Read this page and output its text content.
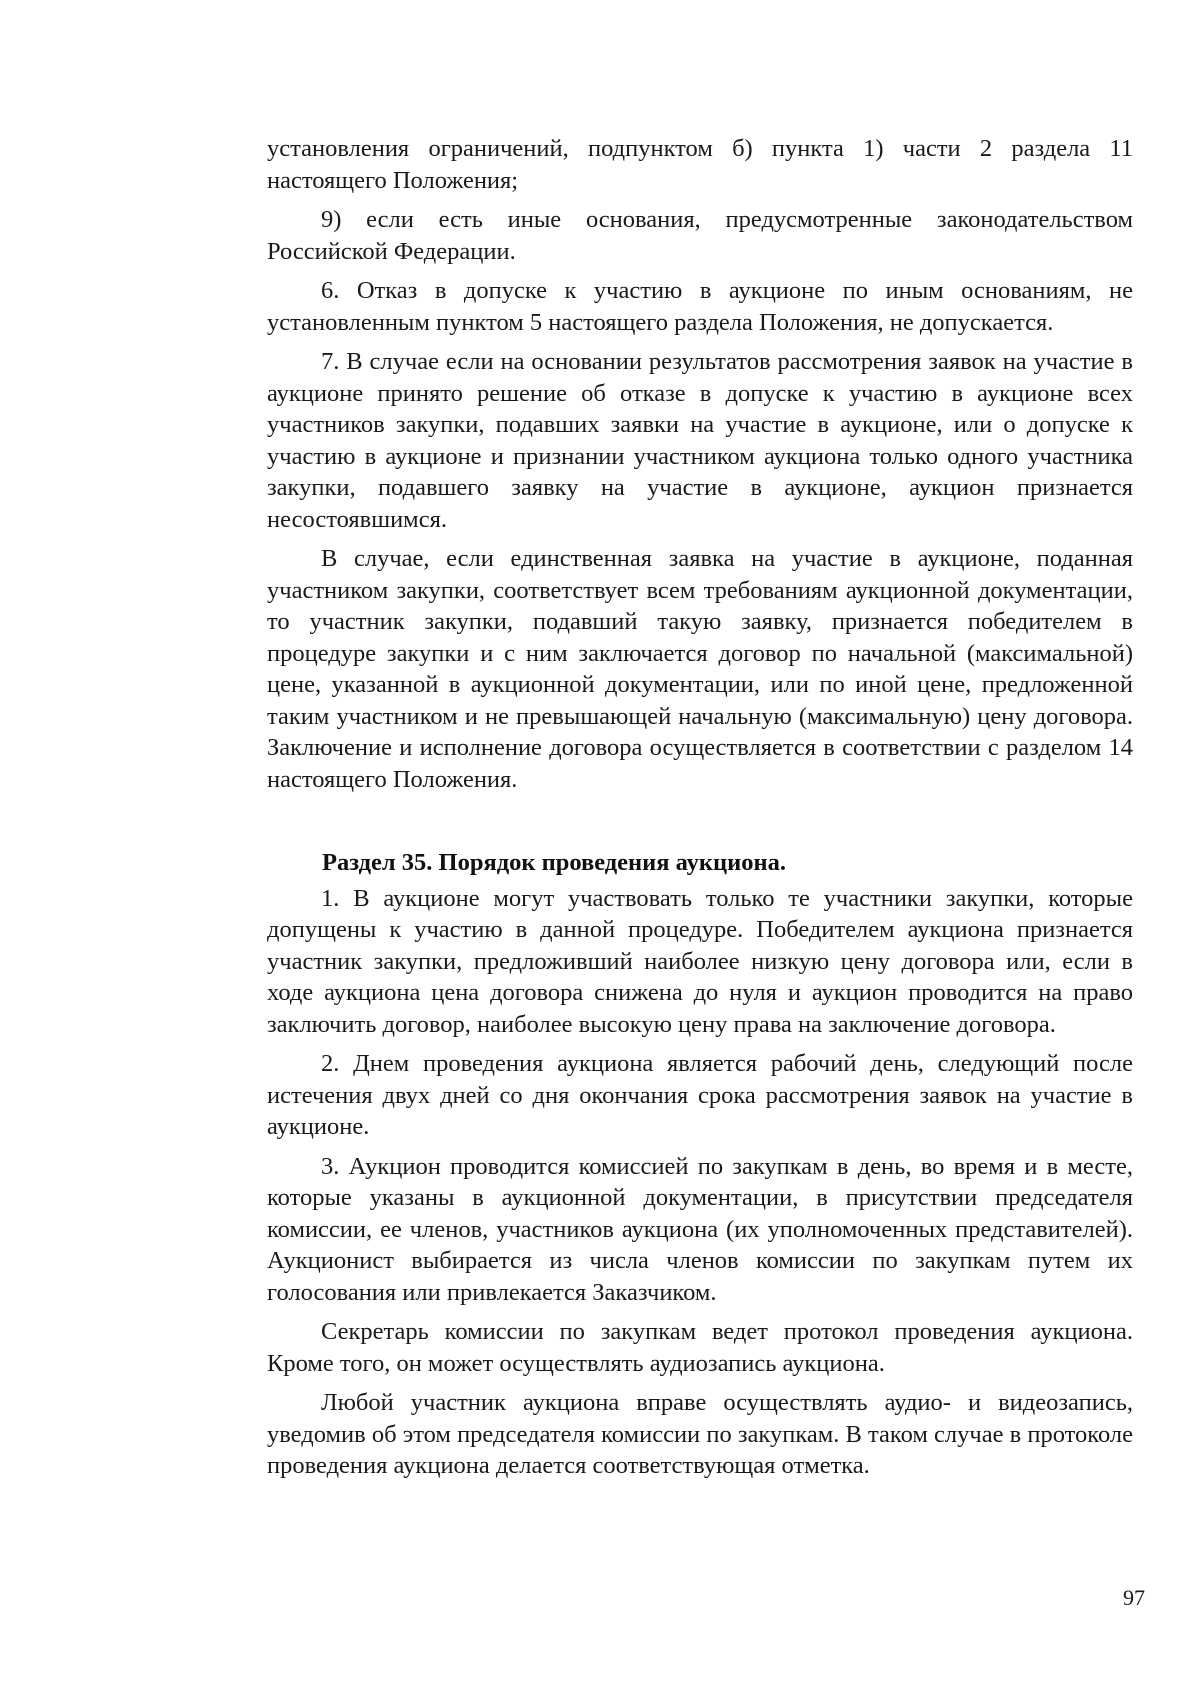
установления ограничений, подпунктом б) пункта 1) части 2 раздела 11 настоящего Положения;

9) если есть иные основания, предусмотренные законодательством Российской Федерации.

6. Отказ в допуске к участию в аукционе по иным основаниям, не установленным пунктом 5 настоящего раздела Положения, не допускается.

7. В случае если на основании результатов рассмотрения заявок на участие в аукционе принято решение об отказе в допуске к участию в аукционе всех участников закупки, подавших заявки на участие в аукционе, или о допуске к участию в аукционе и признании участником аукциона только одного участника закупки, подавшего заявку на участие в аукционе, аукцион признается несостоявшимся.

В случае, если единственная заявка на участие в аукционе, поданная участником закупки, соответствует всем требованиям аукционной документации, то участник закупки, подавший такую заявку, признается победителем в процедуре закупки и с ним заключается договор по начальной (максимальной) цене, указанной в аукционной документации, или по иной цене, предложенной таким участником и не превышающей начальную (максимальную) цену договора. Заключение и исполнение договора осуществляется в соответствии с разделом 14 настоящего Положения.

Раздел 35. Порядок проведения аукциона.

1. В аукционе могут участвовать только те участники закупки, которые допущены к участию в данной процедуре. Победителем аукциона признается участник закупки, предложивший наиболее низкую цену договора или, если в ходе аукциона цена договора снижена до нуля и аукцион проводится на право заключить договор, наиболее высокую цену права на заключение договора.

2. Днем проведения аукциона является рабочий день, следующий после истечения двух дней со дня окончания срока рассмотрения заявок на участие в аукционе.

3. Аукцион проводится комиссией по закупкам в день, во время и в месте, которые указаны в аукционной документации, в присутствии председателя комиссии, ее членов, участников аукциона (их уполномоченных представителей). Аукционист выбирается из числа членов комиссии по закупкам путем их голосования или привлекается Заказчиком.

Секретарь комиссии по закупкам ведет протокол проведения аукциона. Кроме того, он может осуществлять аудиозапись аукциона.

Любой участник аукциона вправе осуществлять аудио- и видеозапись, уведомив об этом председателя комиссии по закупкам. В таком случае в протоколе проведения аукциона делается соответствующая отметка.

97
